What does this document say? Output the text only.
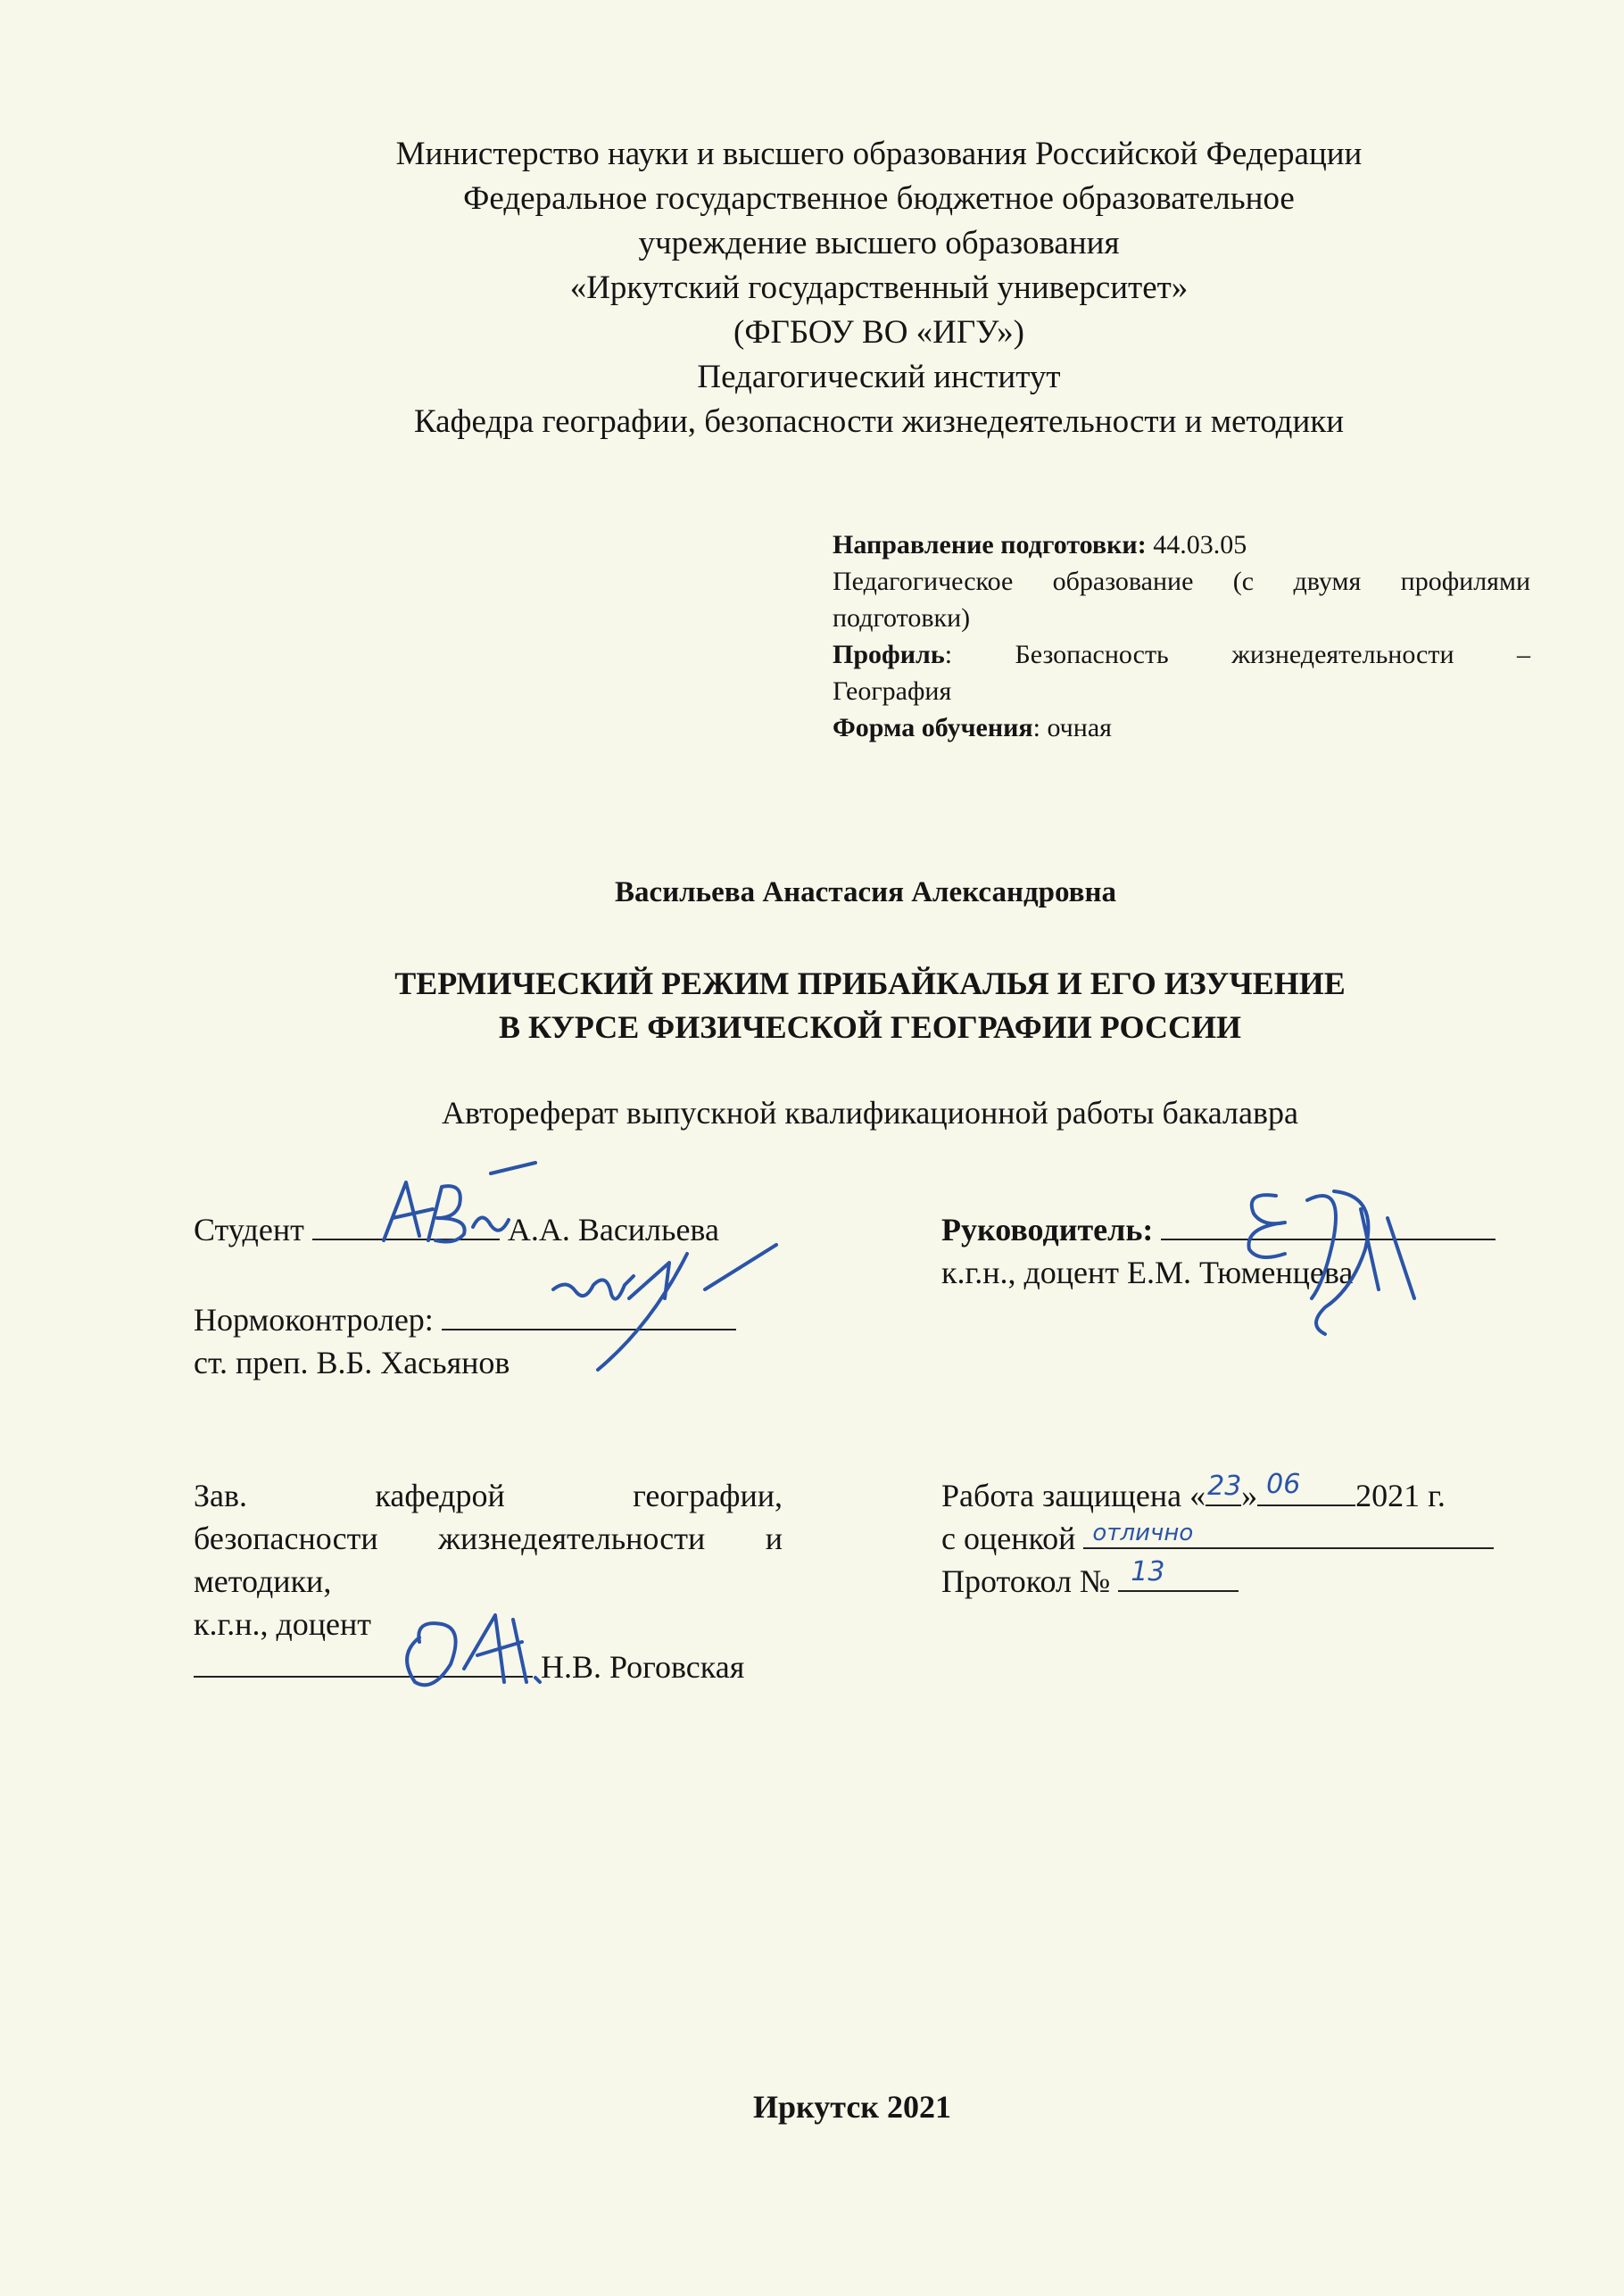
Министерство науки и высшего образования Российской Федерации
Федеральное государственное бюджетное образовательное
учреждение высшего образования
«Иркутский государственный университет»
(ФГБОУ ВО «ИГУ»)
Педагогический институт
Кафедра географии, безопасности жизнедеятельности и методики
Направление подготовки: 44.03.05
Педагогическое образование (с двумя профилями
подготовки)
Профиль: Безопасность жизнедеятельности –
География
Форма обучения: очная
Васильева Анастасия Александровна
ТЕРМИЧЕСКИЙ РЕЖИМ ПРИБАЙКАЛЬЯ И ЕГО ИЗУЧЕНИЕ
В КУРСЕ ФИЗИЧЕСКОЙ ГЕОГРАФИИ РОССИИ
Автореферат выпускной квалификационной работы бакалавра
Студент	А.А. Васильева
Нормоконтролер:
ст. преп. В.Б. Хасьянов
Руководитель:
к.г.н., доцент Е.М. Тюменцева
Зав. кафедрой географии,
безопасности жизнедеятельности и
методики,
к.г.н., доцент
Н.В. Роговская
Работа защищена « 23 » 06 2021 г.
с оценкой отлично
Протокол № 13
Иркутск 2021
